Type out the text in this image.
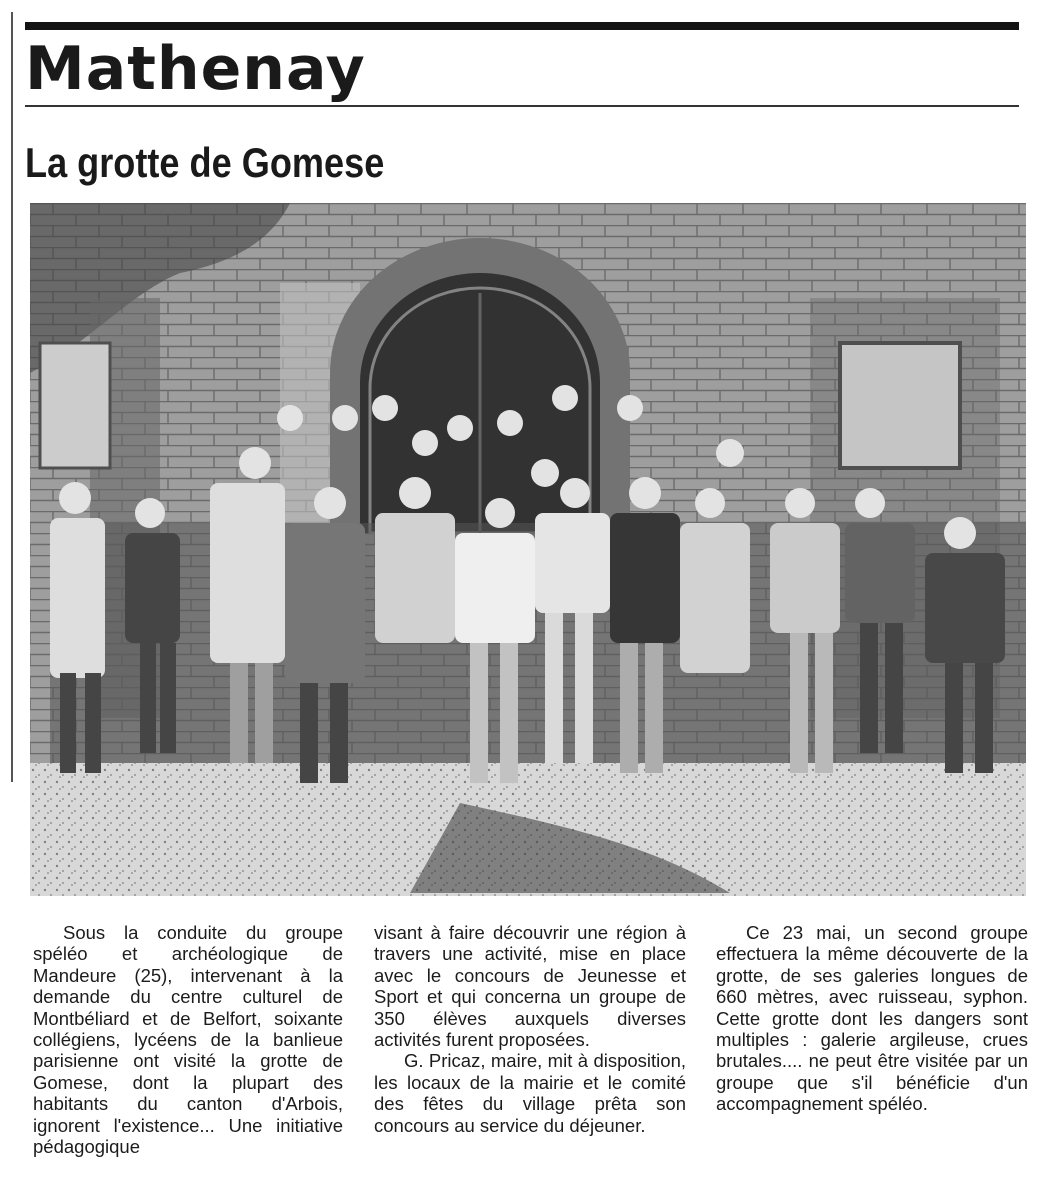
Mathenay
La grotte de Gomese

Sous la conduite du groupe spéléo et archéologique de Mandeure (25), intervenant à la demande du centre culturel de Montbéliard et de Belfort, soixante collégiens, lycéens de la banlieue parisienne ont visité la grotte de Gomese, dont la plupart des habitants du canton d'Arbois, ignorent l'existence... Une initiative pédagogique

visant à faire découvrir une région à travers une activité, mise en place avec le concours de Jeunesse et Sport et qui concerna un groupe de 350 élèves auxquels diverses activités furent proposées.

G. Pricaz, maire, mit à disposition, les locaux de la mairie et le comité des fêtes du village prêta son concours au service du déjeuner.

Ce 23 mai, un second groupe effectuera la même découverte de la grotte, de ses galeries longues de 660 mètres, avec ruisseau, syphon. Cette grotte dont les dangers sont multiples : galerie argileuse, crues brutales.... ne peut être visitée par un groupe que s'il bénéficie d'un accompagnement spéléo.
